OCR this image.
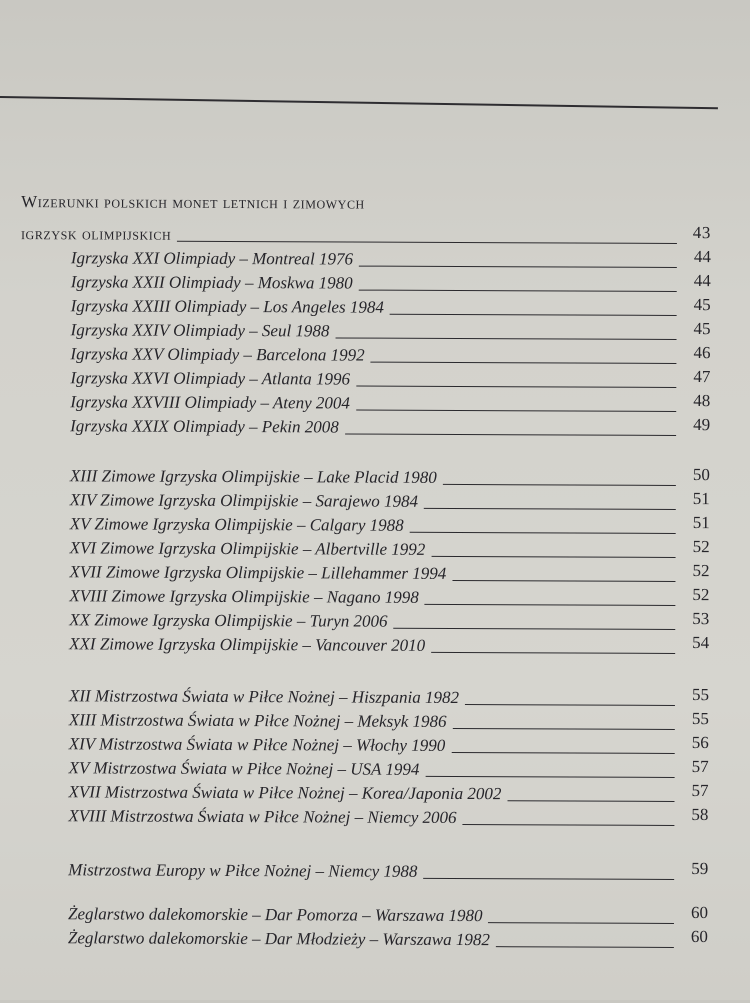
Wizerunki polskich monet letnich i zimowych
igrzysk olimpijskich	43
Igrzyska XXI Olimpiady – Montreal 1976	44
Igrzyska XXII Olimpiady – Moskwa 1980	44
Igrzyska XXIII Olimpiady – Los Angeles 1984	45
Igrzyska XXIV Olimpiady – Seul 1988	45
Igrzyska XXV Olimpiady – Barcelona 1992	46
Igrzyska XXVI Olimpiady – Atlanta 1996	47
Igrzyska XXVIII Olimpiady – Ateny 2004	48
Igrzyska XXIX Olimpiady – Pekin 2008	49
XIII Zimowe Igrzyska Olimpijskie – Lake Placid 1980	50
XIV Zimowe Igrzyska Olimpijskie – Sarajewo 1984	51
XV Zimowe Igrzyska Olimpijskie – Calgary 1988	51
XVI Zimowe Igrzyska Olimpijskie – Albertville 1992	52
XVII Zimowe Igrzyska Olimpijskie – Lillehammer 1994	52
XVIII Zimowe Igrzyska Olimpijskie – Nagano 1998	52
XX Zimowe Igrzyska Olimpijskie – Turyn 2006	53
XXI Zimowe Igrzyska Olimpijskie – Vancouver 2010	54
XII Mistrzostwa Świata w Piłce Nożnej – Hiszpania 1982	55
XIII Mistrzostwa Świata w Piłce Nożnej – Meksyk 1986	55
XIV Mistrzostwa Świata w Piłce Nożnej – Włochy 1990	56
XV Mistrzostwa Świata w Piłce Nożnej – USA 1994	57
XVII Mistrzostwa Świata w Piłce Nożnej – Korea/Japonia 2002	57
XVIII Mistrzostwa Świata w Piłce Nożnej – Niemcy 2006	58
Mistrzostwa Europy w Piłce Nożnej – Niemcy 1988	59
Żeglarstwo dalekomorskie – Dar Pomorza – Warszawa 1980	60
Żeglarstwo dalekomorskie – Dar Młodzieży – Warszawa 1982	60
